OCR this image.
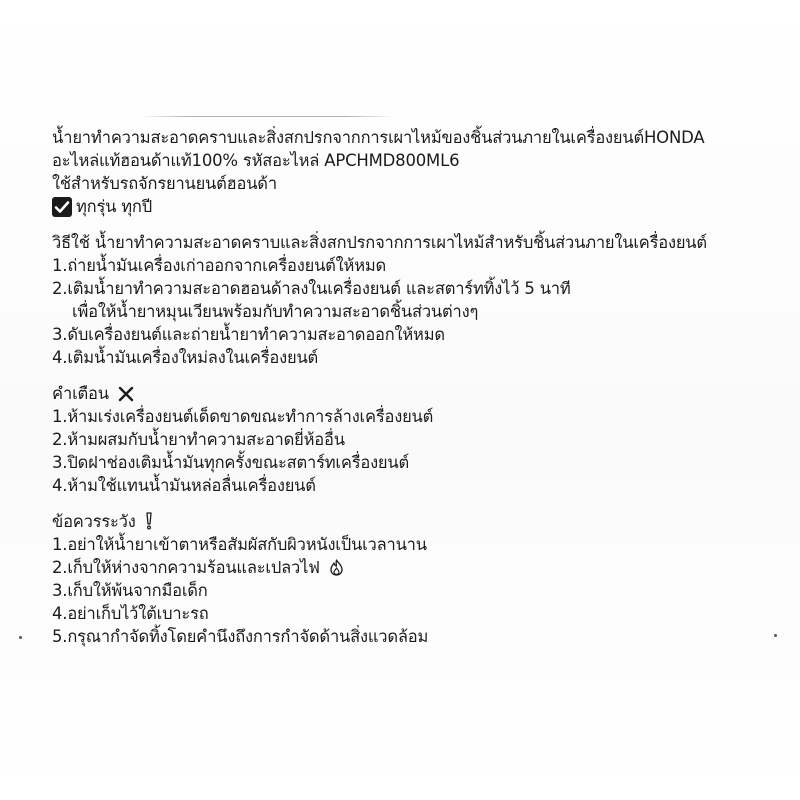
น้ำยาทำความสะอาดคราบและสิ่งสกปรกจากการเผาไหม้ของชิ้นส่วนภายในเครื่องยนต์HONDA
อะไหล่แท้ฮอนด้าแท้100% รหัสอะไหล่ APCHMD800ML6
ใช้สำหรับรถจักรยานยนต์ฮอนด้า
ทุกรุ่น ทุกปี
วิธีใช้ น้ำยาทำความสะอาดคราบและสิ่งสกปรกจากการเผาไหม้สำหรับชิ้นส่วนภายในเครื่องยนต์
1.ถ่ายน้ำมันเครื่องเก่าออกจากเครื่องยนต์ให้หมด
2.เติมน้ำยาทำความสะอาดฮอนด้าลงในเครื่องยนต์ และสตาร์ททิ้งไว้ 5 นาที
เพื่อให้น้ำยาหมุนเวียนพร้อมกับทำความสะอาดชิ้นส่วนต่างๆ
3.ดับเครื่องยนต์และถ่ายน้ำยาทำความสะอาดออกให้หมด
4.เติมน้ำมันเครื่องใหม่ลงในเครื่องยนต์
คำเตือน
1.ห้ามเร่งเครื่องยนต์เด็ดขาดขณะทำการล้างเครื่องยนต์
2.ห้ามผสมกับน้ำยาทำความสะอาดยี่ห้ออื่น
3.ปิดฝาช่องเติมน้ำมันทุกครั้งขณะสตาร์ทเครื่องยนต์
4.ห้ามใช้แทนน้ำมันหล่อลื่นเครื่องยนต์
ข้อควรระวัง
1.อย่าให้น้ำยาเข้าตาหรือสัมผัสกับผิวหนังเป็นเวลานาน
2.เก็บให้ห่างจากความร้อนและเปลวไฟ
3.เก็บให้พ้นจากมือเด็ก
4.อย่าเก็บไว้ใต้เบาะรถ
5.กรุณากำจัดทิ้งโดยคำนึงถึงการกำจัดด้านสิ่งแวดล้อม
